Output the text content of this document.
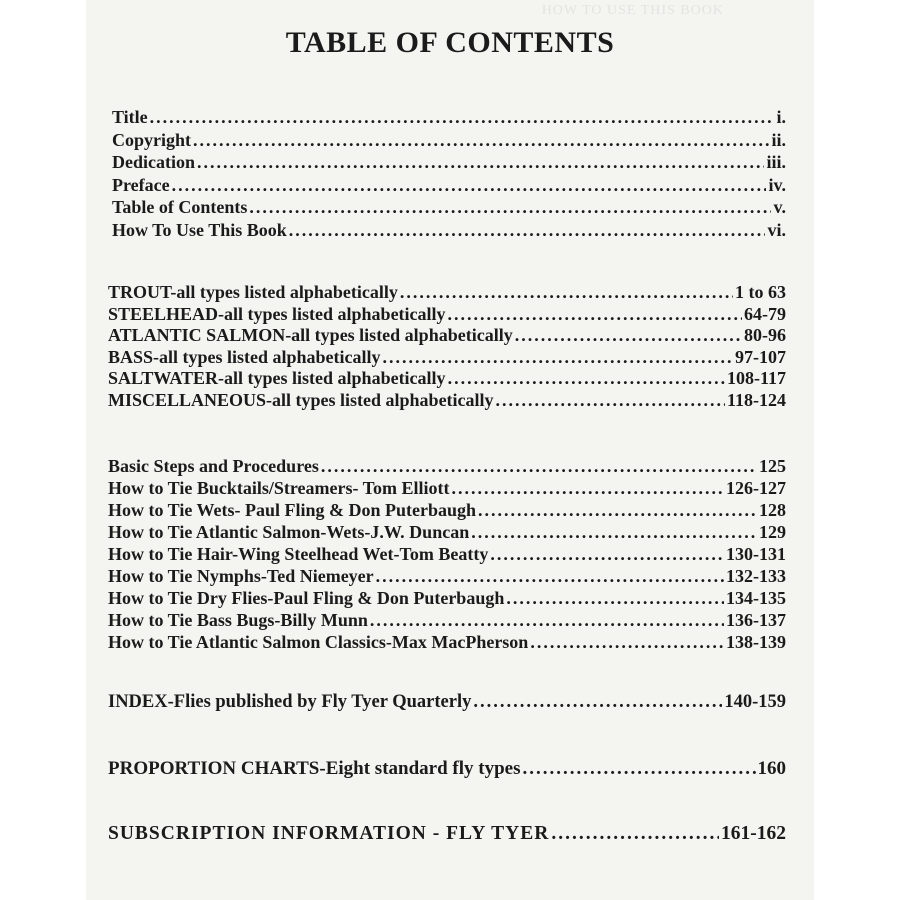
HOW TO USE THIS BOOK
TABLE OF CONTENTS
Title .....	i.
Copyright .....	ii.
Dedication .....	iii.
Preface .....	iv.
Table of Contents .....	v.
How To Use This Book .....	vi.
TROUT-all types listed alphabetically .....	1 to 63
STEELHEAD-all types listed alphabetically .....	64-79
ATLANTIC SALMON-all types listed alphabetically .....	80-96
BASS-all types listed alphabetically .....	97-107
SALTWATER-all types listed alphabetically .....	108-117
MISCELLANEOUS-all types listed alphabetically .....	118-124
Basic Steps and Procedures .....	125
How to Tie Bucktails/Streamers- Tom Elliott .....	126-127
How to Tie Wets- Paul Fling & Don Puterbaugh .....	128
How to Tie Atlantic Salmon-Wets-J.W. Duncan .....	129
How to Tie Hair-Wing Steelhead Wet-Tom Beatty .....	130-131
How to Tie Nymphs-Ted Niemeyer .....	132-133
How to Tie Dry Flies-Paul Fling & Don Puterbaugh .....	134-135
How to Tie Bass Bugs-Billy Munn .....	136-137
How to Tie Atlantic Salmon Classics-Max MacPherson .....	138-139
INDEX-Flies published by Fly Tyer Quarterly .....	140-159
PROPORTION CHARTS-Eight standard fly types .....	160
SUBSCRIPTION INFORMATION - FLY TYER .....	161-162
